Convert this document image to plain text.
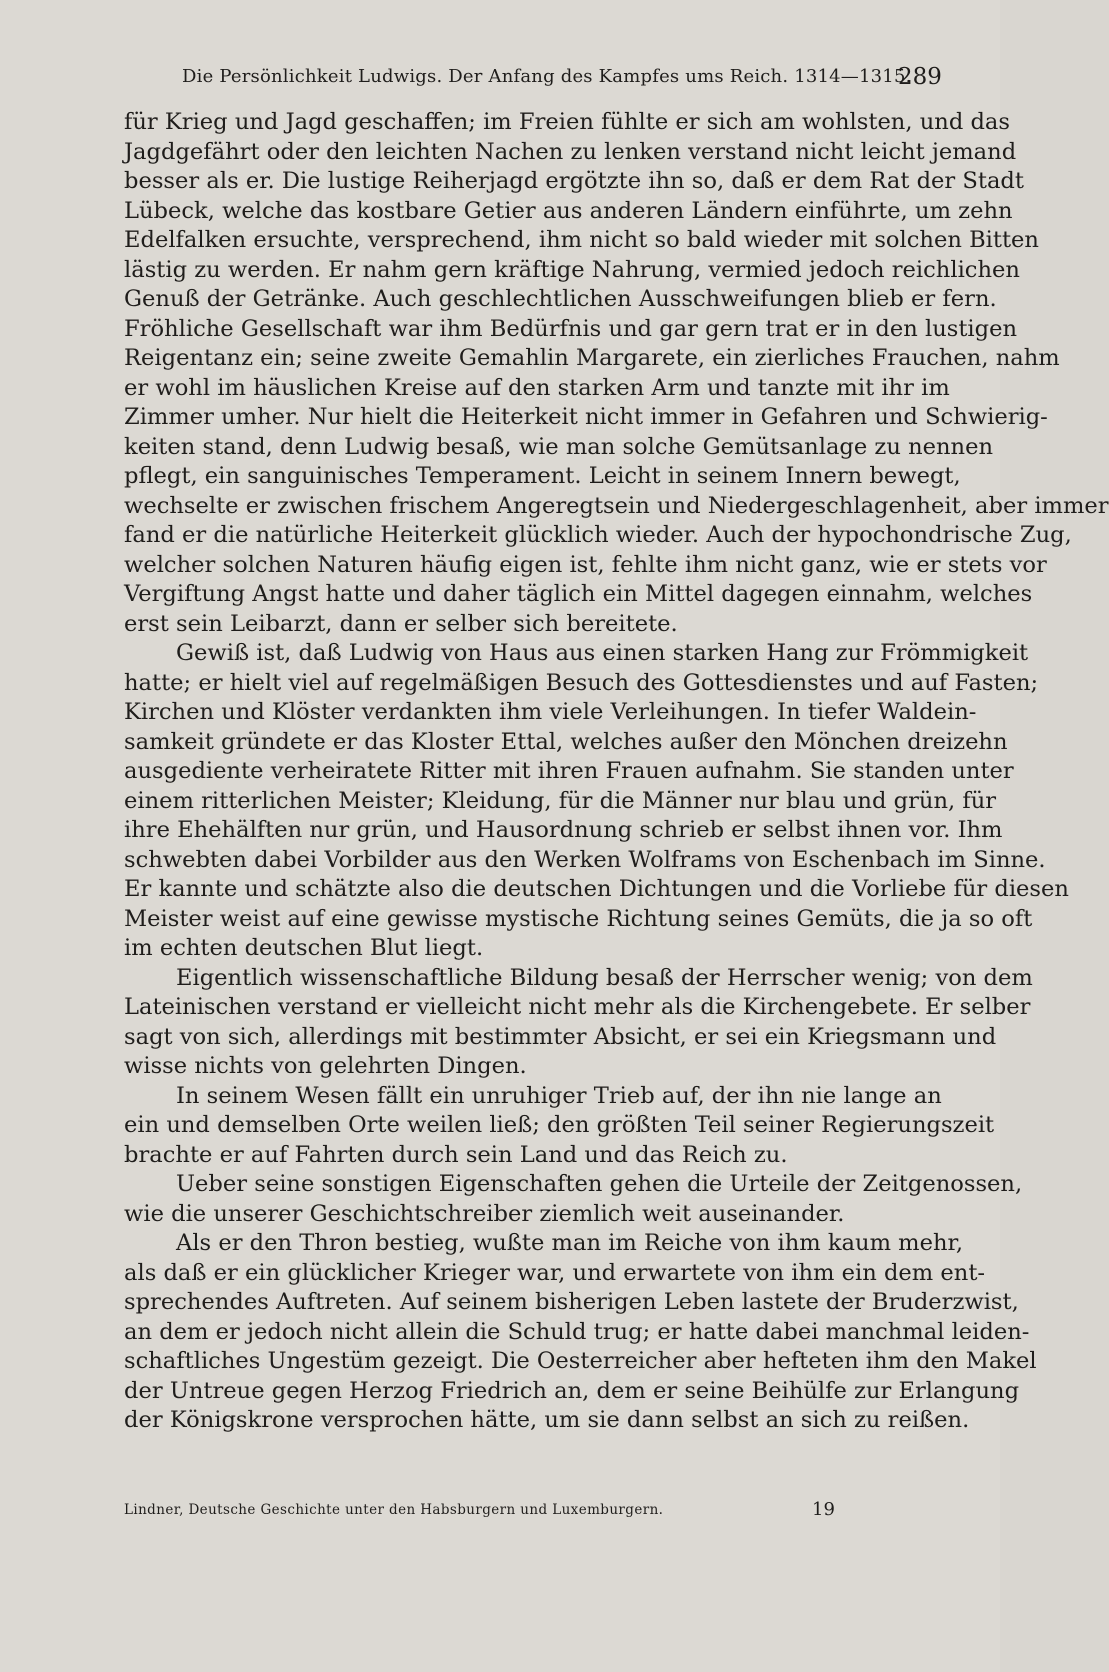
Die Persönlichkeit Ludwigs. Der Anfang des Kampfes ums Reich. 1314—1315.
289
für Krieg und Jagd geschaffen; im Freien fühlte er sich am wohlsten, und das
Jagdgefährt oder den leichten Nachen zu lenken verstand nicht leicht jemand
besser als er. Die lustige Reiherjagd ergötzte ihn so, daß er dem Rat der Stadt
Lübeck, welche das kostbare Getier aus anderen Ländern einführte, um zehn
Edelfalken ersuchte, versprechend, ihm nicht so bald wieder mit solchen Bitten
lästig zu werden. Er nahm gern kräftige Nahrung, vermied jedoch reichlichen
Genuß der Getränke. Auch geschlechtlichen Ausschweifungen blieb er fern.
Fröhliche Gesellschaft war ihm Bedürfnis und gar gern trat er in den lustigen
Reigentanz ein; seine zweite Gemahlin Margarete, ein zierliches Frauchen, nahm
er wohl im häuslichen Kreise auf den starken Arm und tanzte mit ihr im
Zimmer umher. Nur hielt die Heiterkeit nicht immer in Gefahren und Schwierig-
keiten stand, denn Ludwig besaß, wie man solche Gemütsanlage zu nennen
pflegt, ein sanguinisches Temperament. Leicht in seinem Innern bewegt,
wechselte er zwischen frischem Angeregtsein und Niedergeschlagenheit, aber immer
fand er die natürliche Heiterkeit glücklich wieder. Auch der hypochondrische Zug,
welcher solchen Naturen häufig eigen ist, fehlte ihm nicht ganz, wie er stets vor
Vergiftung Angst hatte und daher täglich ein Mittel dagegen einnahm, welches
erst sein Leibarzt, dann er selber sich bereitete.
Gewiß ist, daß Ludwig von Haus aus einen starken Hang zur Frömmigkeit
hatte; er hielt viel auf regelmäßigen Besuch des Gottesdienstes und auf Fasten;
Kirchen und Klöster verdankten ihm viele Verleihungen. In tiefer Waldein-
samkeit gründete er das Kloster Ettal, welches außer den Mönchen dreizehn
ausgediente verheiratete Ritter mit ihren Frauen aufnahm. Sie standen unter
einem ritterlichen Meister; Kleidung, für die Männer nur blau und grün, für
ihre Ehehälften nur grün, und Hausordnung schrieb er selbst ihnen vor. Ihm
schwebten dabei Vorbilder aus den Werken Wolframs von Eschenbach im Sinne.
Er kannte und schätzte also die deutschen Dichtungen und die Vorliebe für diesen
Meister weist auf eine gewisse mystische Richtung seines Gemüts, die ja so oft
im echten deutschen Blut liegt.
Eigentlich wissenschaftliche Bildung besaß der Herrscher wenig; von dem
Lateinischen verstand er vielleicht nicht mehr als die Kirchengebete. Er selber
sagt von sich, allerdings mit bestimmter Absicht, er sei ein Kriegsmann und
wisse nichts von gelehrten Dingen.
In seinem Wesen fällt ein unruhiger Trieb auf, der ihn nie lange an
ein und demselben Orte weilen ließ; den größten Teil seiner Regierungszeit
brachte er auf Fahrten durch sein Land und das Reich zu.
Ueber seine sonstigen Eigenschaften gehen die Urteile der Zeitgenossen,
wie die unserer Geschichtschreiber ziemlich weit auseinander.
Als er den Thron bestieg, wußte man im Reiche von ihm kaum mehr,
als daß er ein glücklicher Krieger war, und erwartete von ihm ein dem ent-
sprechendes Auftreten. Auf seinem bisherigen Leben lastete der Bruderzwist,
an dem er jedoch nicht allein die Schuld trug; er hatte dabei manchmal leiden-
schaftliches Ungestüm gezeigt. Die Oesterreicher aber hefteten ihm den Makel
der Untreue gegen Herzog Friedrich an, dem er seine Beihülfe zur Erlangung
der Königskrone versprochen hätte, um sie dann selbst an sich zu reißen.
Lindner, Deutsche Geschichte unter den Habsburgern und Luxemburgern.	19
